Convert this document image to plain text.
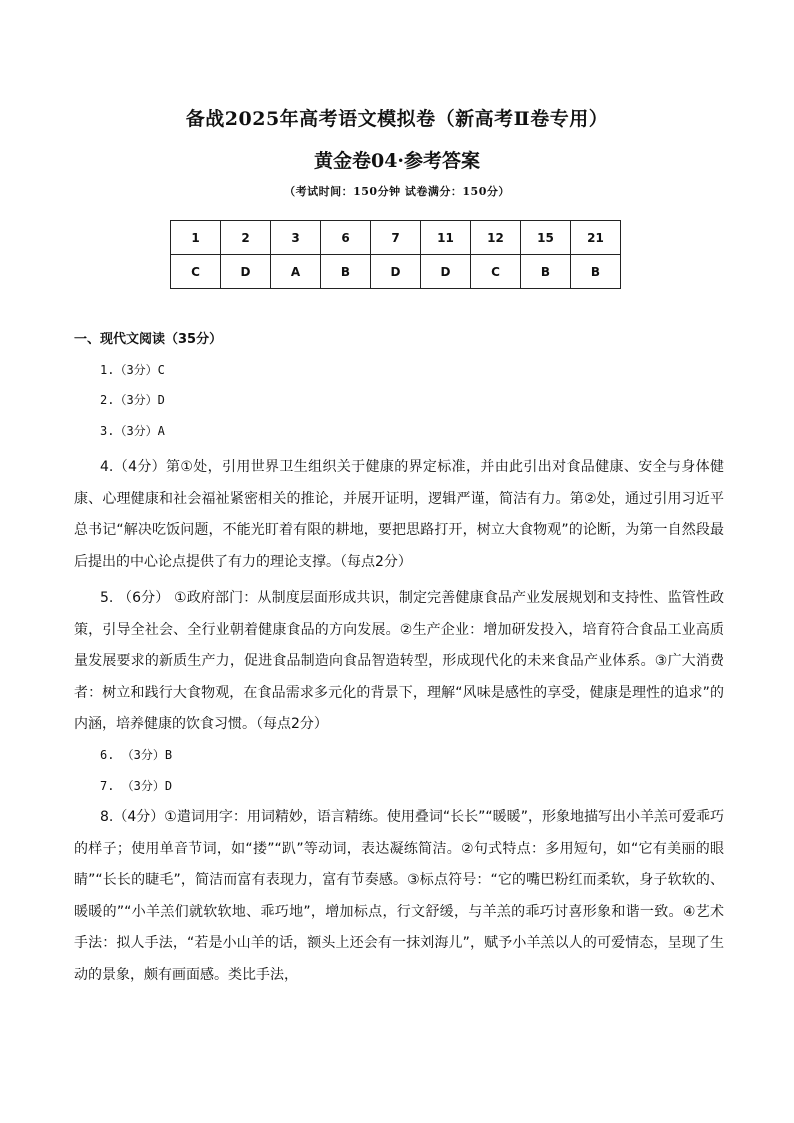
备战2025年高考语文模拟卷（新高考Ⅱ卷专用）
黄金卷04·参考答案
（考试时间：150分钟 试卷满分：150分）
1	2	3	6	7	11	12	15	21
C	D	A	B	D	D	C	B	B
一、现代文阅读（35分）
1.（3分）C
2.（3分）D
3.（3分）A
4.（4分）第①处，引用世界卫生组织关于健康的界定标准，并由此引出对食品健康、安全与身体健康、心理健康和社会福祉紧密相关的推论，并展开证明，逻辑严谨，简洁有力。第②处，通过引用习近平总书记“解决吃饭问题，不能光盯着有限的耕地，要把思路打开，树立大食物观”的论断，为第一自然段最后提出的中心论点提供了有力的理论支撑。（每点2分）
5. （6分） ①政府部门：从制度层面形成共识，制定完善健康食品产业发展规划和支持性、监管性政策，引导全社会、全行业朝着健康食品的方向发展。②生产企业：增加研发投入，培育符合食品工业高质量发展要求的新质生产力，促进食品制造向食品智造转型，形成现代化的未来食品产业体系。③广大消费者：树立和践行大食物观，在食品需求多元化的背景下，理解“风味是感性的享受，健康是理性的追求”的内涵，培养健康的饮食习惯。（每点2分）
6. （3分）B
7. （3分）D
8.（4分）①遣词用字：用词精妙，语言精练。使用叠词“长长”“暖暖”，形象地描写出小羊羔可爱乖巧的样子；使用单音节词，如“搂”“趴”等动词，表达凝练简洁。②句式特点：多用短句，如“它有美丽的眼睛”“长长的睫毛”，简洁而富有表现力，富有节奏感。③标点符号：“它的嘴巴粉红而柔软，身子软软的、暖暖的”“小羊羔们就软软地、乖巧地”，增加标点，行文舒缓，与羊羔的乖巧讨喜形象和谐一致。④艺术手法：拟人手法，“若是小山羊的话，额头上还会有一抹刘海儿”，赋予小羊羔以人的可爱情态，呈现了生动的景象，颇有画面感。类比手法，
